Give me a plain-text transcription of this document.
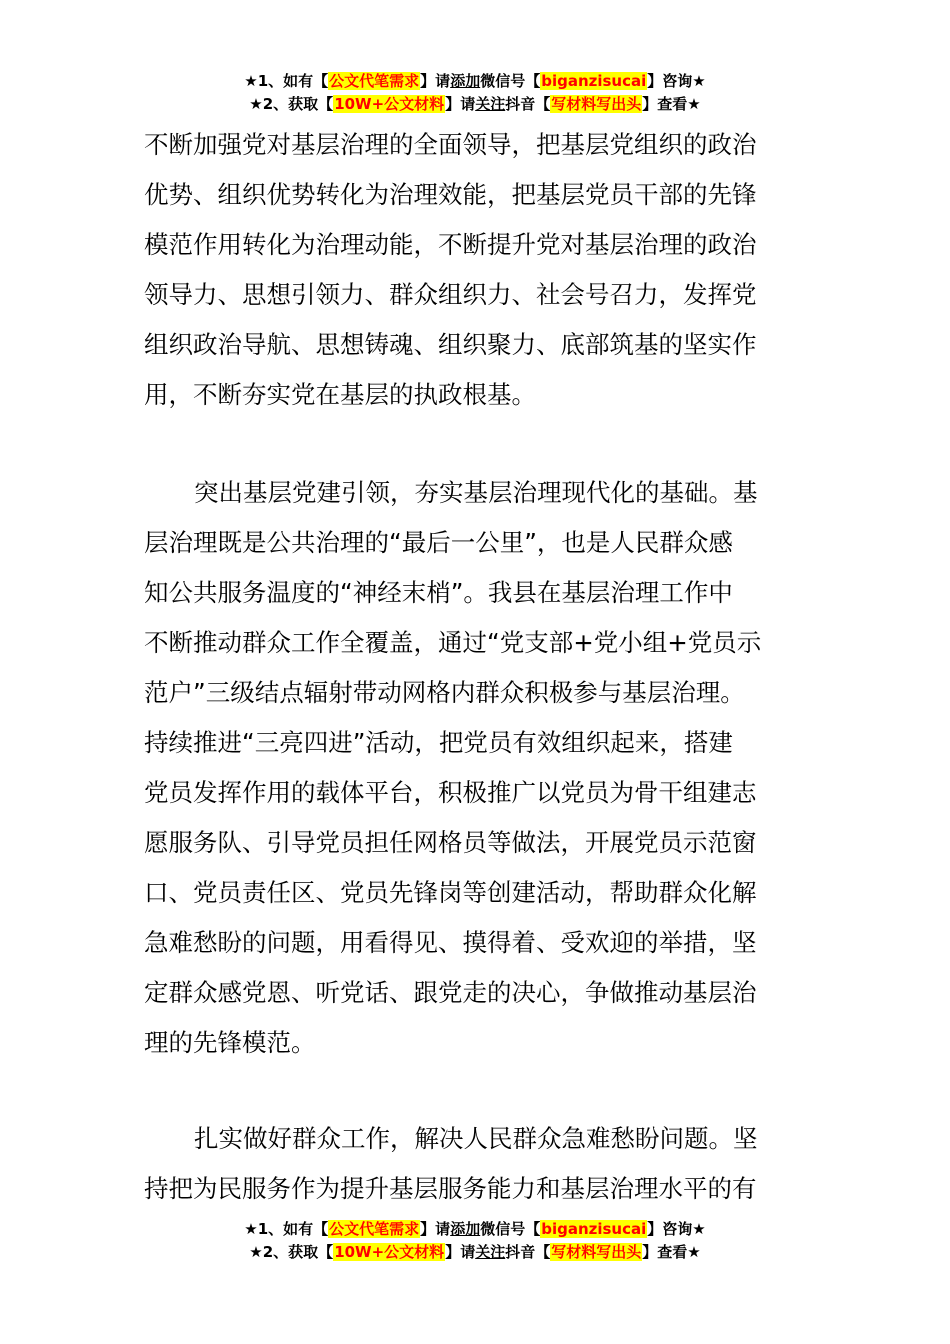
★1、如有【公文代笔需求】请添加微信号【biganzisucai】咨询★
★2、获取【10W+公文材料】请关注抖音【写材料写出头】查看★
不断加强党对基层治理的全面领导，把基层党组织的政治
优势、组织优势转化为治理效能，把基层党员干部的先锋
模范作用转化为治理动能，不断提升党对基层治理的政治
领导力、思想引领力、群众组织力、社会号召力，发挥党
组织政治导航、思想铸魂、组织聚力、底部筑基的坚实作
用，不断夯实党在基层的执政根基。
突出基层党建引领，夯实基层治理现代化的基础。基
层治理既是公共治理的“最后一公里”，也是人民群众感
知公共服务温度的“神经末梢”。我县在基层治理工作中
不断推动群众工作全覆盖，通过“党支部+党小组+党员示
范户”三级结点辐射带动网格内群众积极参与基层治理。
持续推进“三亮四进”活动，把党员有效组织起来，搭建
党员发挥作用的载体平台，积极推广以党员为骨干组建志
愿服务队、引导党员担任网格员等做法，开展党员示范窗
口、党员责任区、党员先锋岗等创建活动，帮助群众化解
急难愁盼的问题，用看得见、摸得着、受欢迎的举措，坚
定群众感党恩、听党话、跟党走的决心，争做推动基层治
理的先锋模范。
扎实做好群众工作，解决人民群众急难愁盼问题。坚
持把为民服务作为提升基层服务能力和基层治理水平的有
★1、如有【公文代笔需求】请添加微信号【biganzisucai】咨询★
★2、获取【10W+公文材料】请关注抖音【写材料写出头】查看★
